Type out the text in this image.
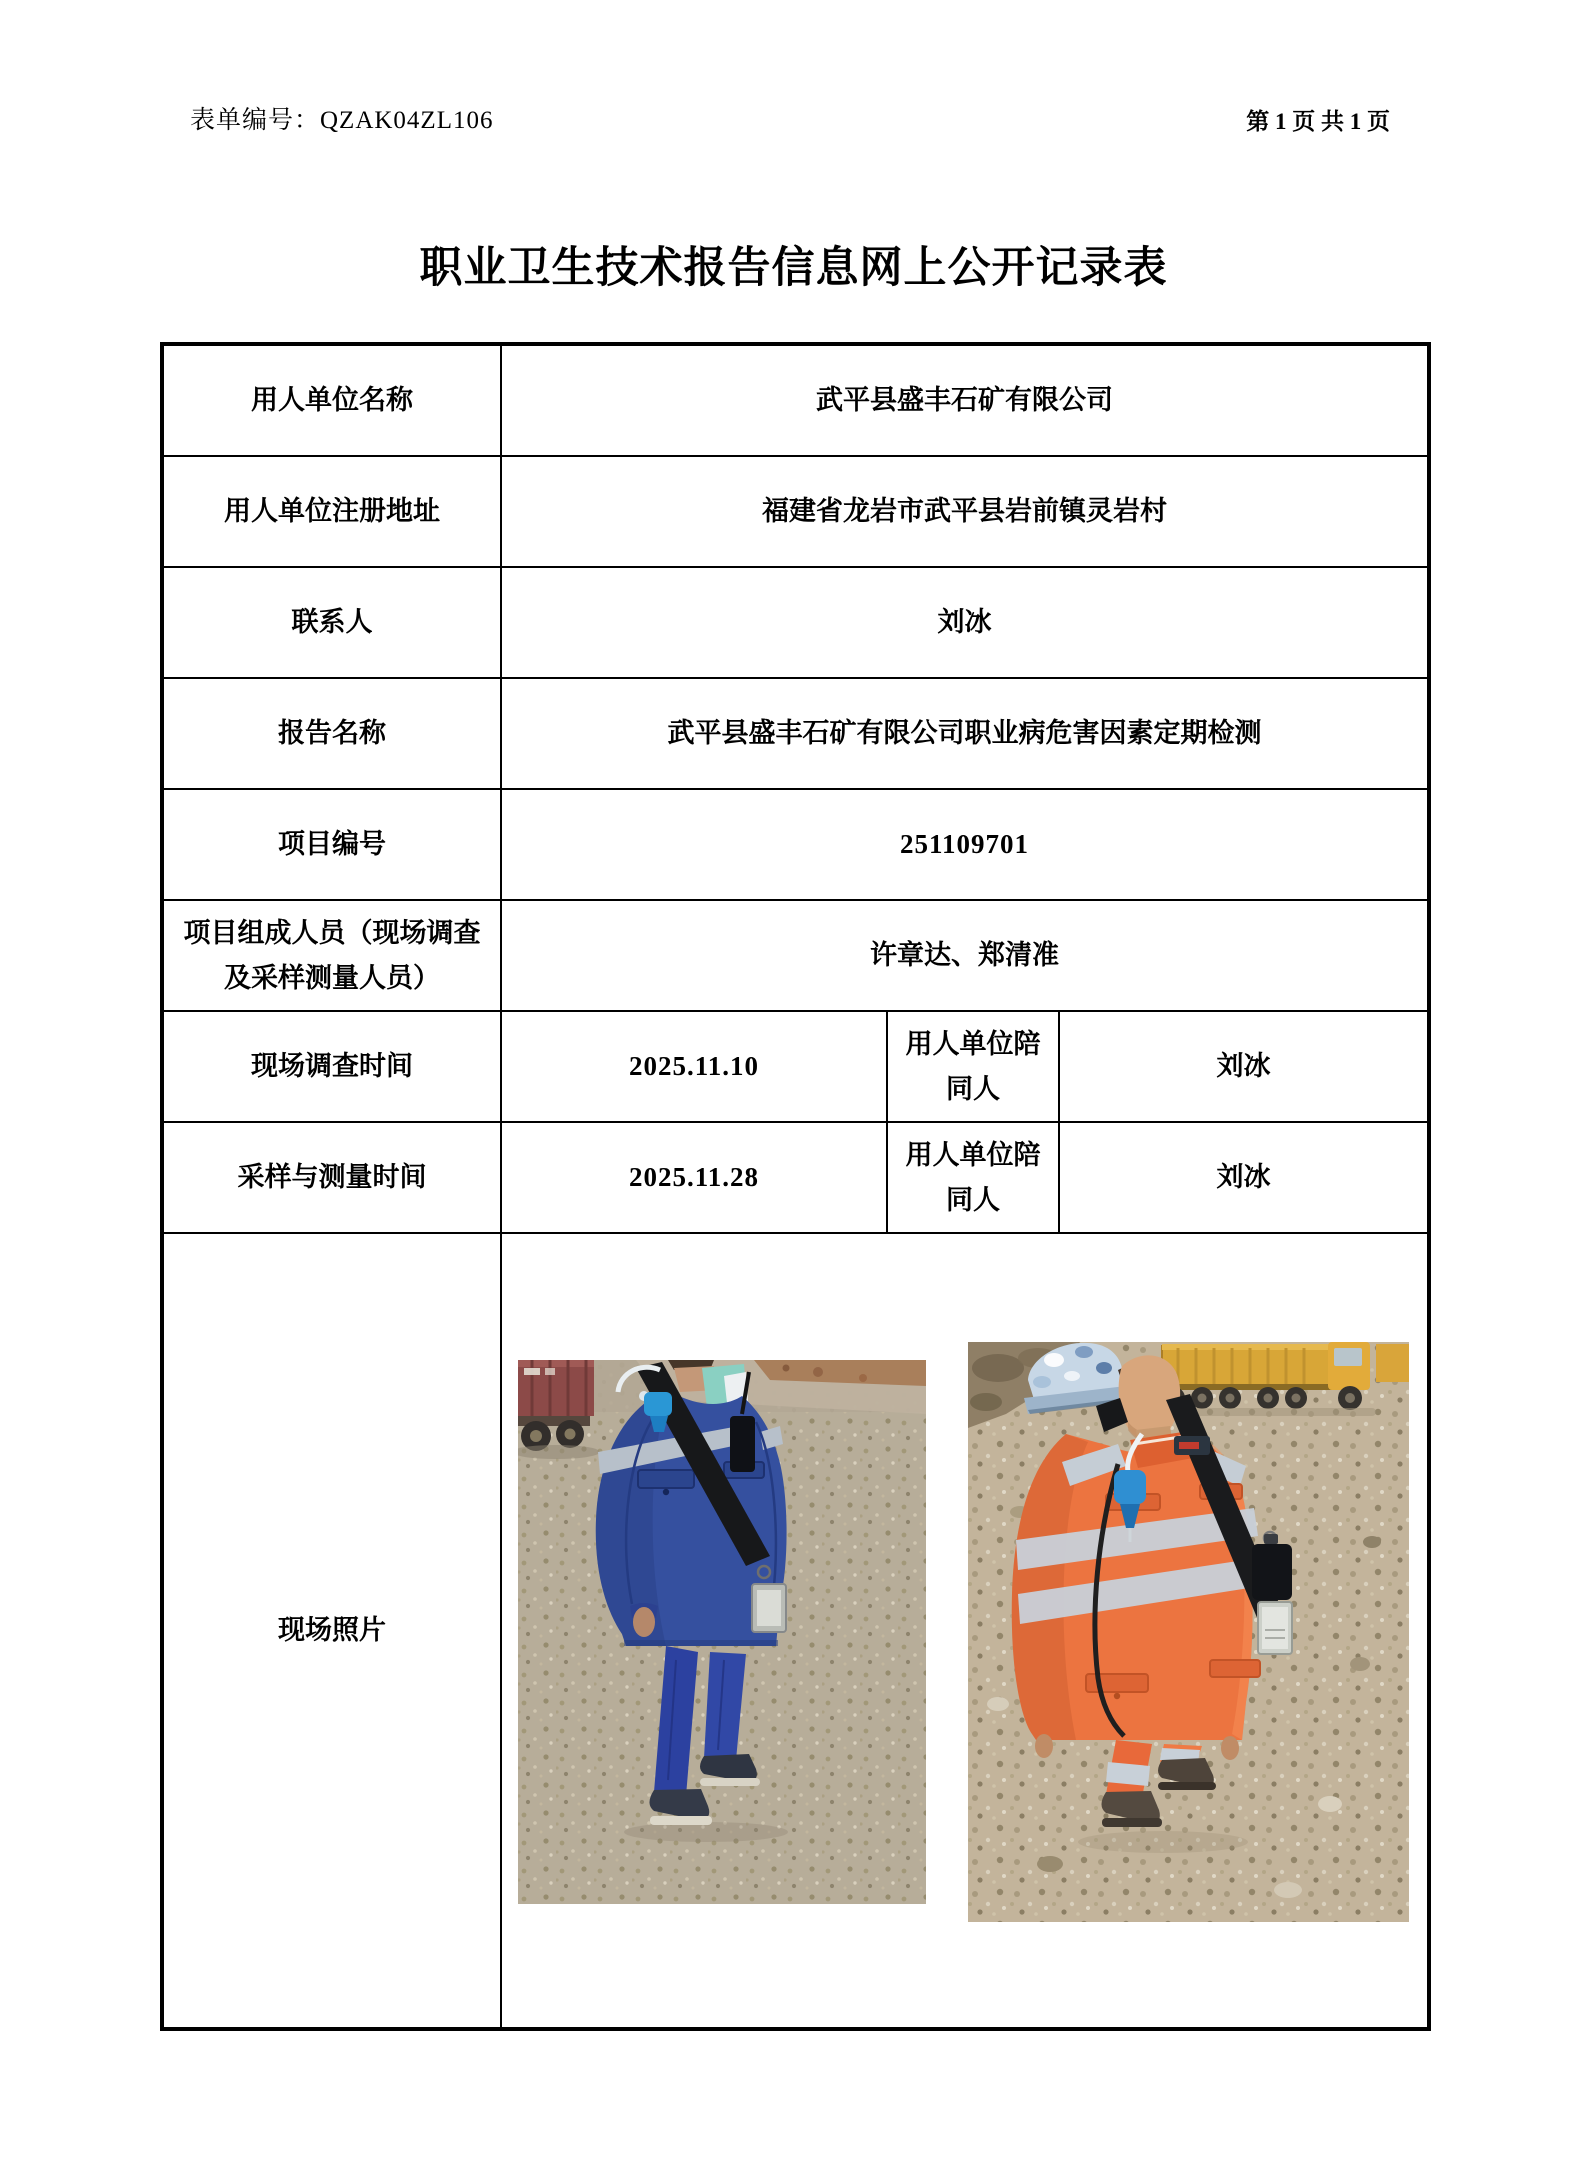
表单编号：QZAK04ZL106	第 1 页 共 1 页
职业卫生技术报告信息网上公开记录表
用人单位名称	武平县盛丰石矿有限公司		
用人单位注册地址	福建省龙岩市武平县岩前镇灵岩村		
联系人	刘冰		
报告名称	武平县盛丰石矿有限公司职业病危害因素定期检测		
项目编号	251109701		
项目组成人员（现场调查及采样测量人员）	许章达、郑清准		
现场调查时间	2025.11.10	用人单位陪同人	刘冰
采样与测量时间	2025.11.28	用人单位陪同人	刘冰
现场照片	
